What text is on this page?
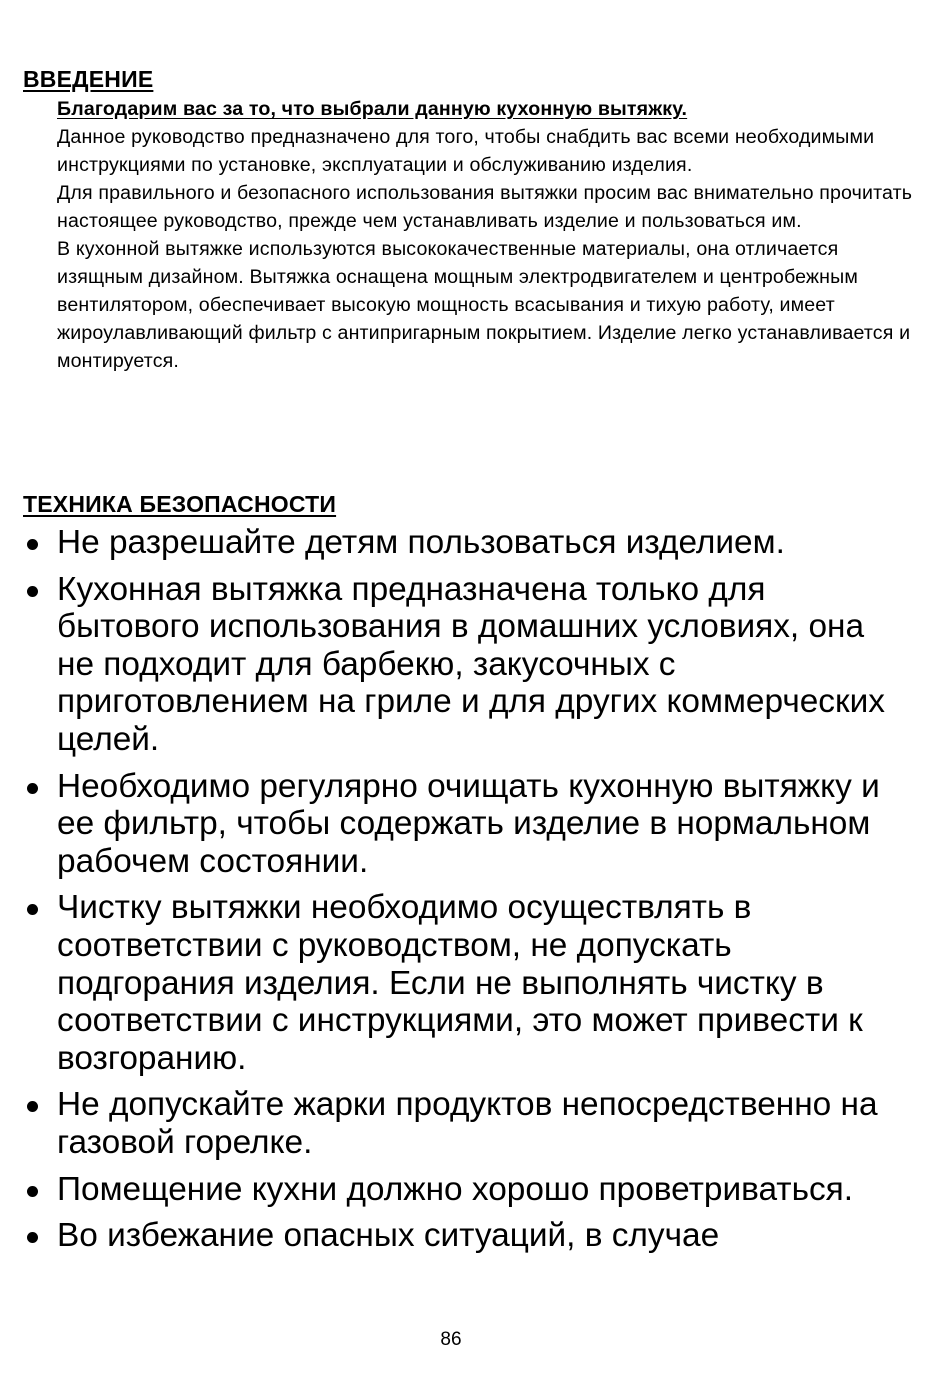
ВВЕДЕНИЕ
Благодарим вас за то, что выбрали данную кухонную вытяжку.

Данное руководство предназначено для того, чтобы снабдить вас всеми необходимыми инструкциями по установке, эксплуатации и обслуживанию изделия.

Для правильного и безопасного использования вытяжки просим вас внимательно прочитать настоящее руководство, прежде чем устанавливать изделие и пользоваться им.

В кухонной вытяжке используются высококачественные материалы, она отличается изящным дизайном. Вытяжка оснащена мощным электродвигателем и центробежным вентилятором, обеспечивает высокую мощность всасывания и тихую работу, имеет жироулавливающий фильтр с антипригарным покрытием. Изделие легко устанавливается и монтируется.

ТЕХНИКА БЕЗОПАСНОСТИ
Не разрешайте детям пользоваться изделием.
Кухонная вытяжка предназначена только для бытового использования в домашних условиях, она не подходит для барбекю, закусочных с приготовлением на гриле и для других коммерческих целей.
Необходимо регулярно очищать кухонную вытяжку и ее фильтр, чтобы содержать изделие в нормальном рабочем состоянии.
Чистку вытяжки необходимо осуществлять в соответствии с руководством, не допускать подгорания изделия. Если не выполнять чистку в соответствии с инструкциями, это может привести к возгоранию.
Не допускайте жарки продуктов непосредственно на газовой горелке.
Помещение кухни должно хорошо проветриваться.
Во избежание опасных ситуаций, в случае
86
